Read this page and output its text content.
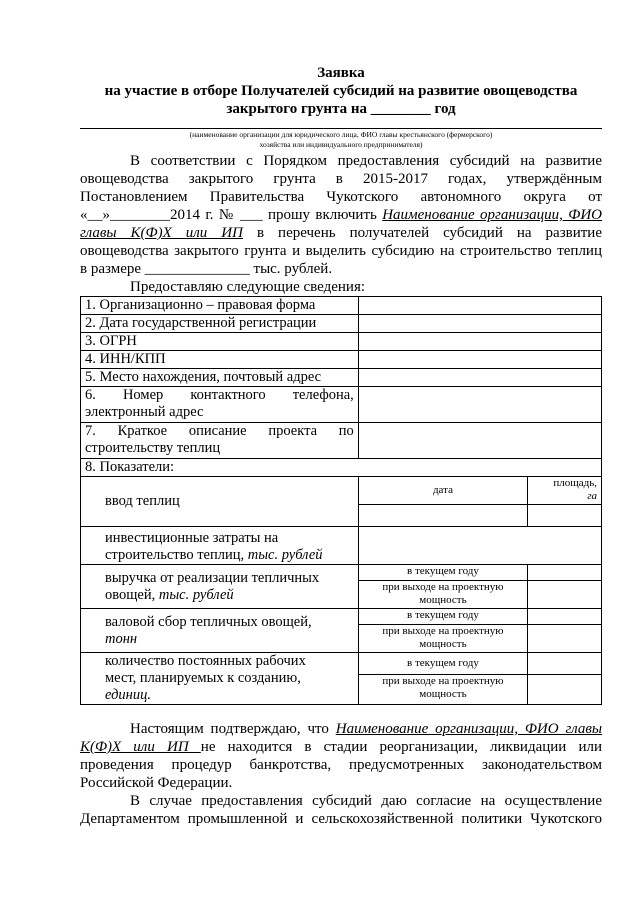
Заявка
на участие в отборе Получателей субсидий на развитие овощеводства
закрытого грунта на ________ год
(наименование организации для юридического лица, ФИО главы крестьянского (фермерского)
хозяйства или индивидуального предпринимателя)
В соответствии с Порядком предоставления субсидий на развитие
овощеводства закрытого грунта в 2015-2017 годах, утверждённым
Постановлением Правительства Чукотского автономного округа от
«__»________2014 г. № ___ прошу включить Наименование организации, ФИО
главы К(Ф)Х или ИП в перечень получателей субсидий на развитие
овощеводства закрытого грунта и выделить субсидию на строительство теплиц
в размере ______________ тыс. рублей.
Предоставляю следующие сведения:
1. Организационно – правовая форма		
2. Дата государственной регистрации		
3. ОГРН		
4. ИНН/КПП		
5. Место нахождения, почтовый адрес		

6. Номер контактного телефона,
электронный адрес		

7. Краткое описание проекта по
строительству теплиц		

8. Показатели:		
ввод теплиц	дата	площадь,
га

инвестиционные затраты на
строительство теплиц, тыс. рублей		

выручка от реализации тепличных
овощей, тыс. рублей	в текущем году	
	при выходе на проектную мощность	

валовой сбор тепличных овощей,
тонн	в текущем году	
	при выходе на проектную мощность	

количество постоянных рабочих
мест, планируемых к созданию,
единиц.	в текущем году	
	при выходе на проектную мощность	
Настоящим подтверждаю, что Наименование организации, ФИО главы
К(Ф)Х или ИП не находится в стадии реорганизации, ликвидации или
проведения процедур банкротства, предусмотренных законодательством
Российской Федерации.
В случае предоставления субсидий даю согласие на осуществление
Департаментом промышленной и сельскохозяйственной политики Чукотского
